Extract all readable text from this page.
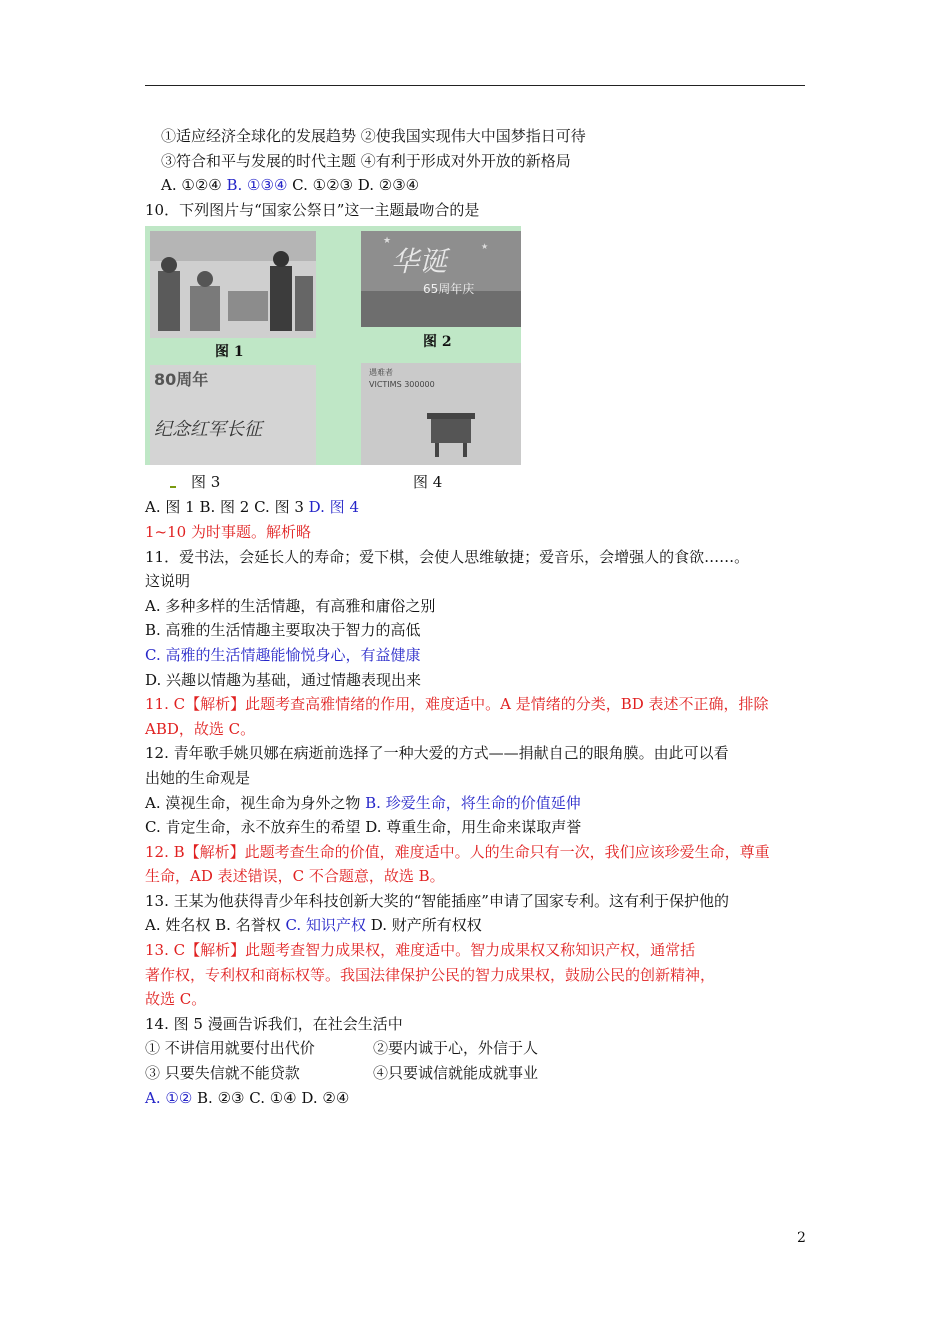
①适应经济全球化的发展趋势 ②使我国实现伟大中国梦指日可待
③符合和平与发展的时代主题 ④有利于形成对外开放的新格局
A. ①②④ B. ①③④ C. ①②③ D. ②③④
10．下列图片与“国家公祭日”这一主题最吻合的是
图 1
华诞
65周年庆
★
★
图 2
80周年
纪念红军长征
遇难者
VICTIMS 300000
图 3	图 4
A. 图 1 B. 图 2 C. 图 3 D. 图 4
1~10 为时事题。解析略
11．爱书法，会延长人的寿命；爱下棋，会使人思维敏捷；爱音乐，会增强人的食欲……。
这说明
A. 多种多样的生活情趣，有高雅和庸俗之别
B. 高雅的生活情趣主要取决于智力的高低
C. 高雅的生活情趣能愉悦身心，有益健康
D. 兴趣以情趣为基础，通过情趣表现出来
11. C【解析】此题考查高雅情绪的作用，难度适中。A 是情绪的分类，BD 表述不正确，排除
ABD，故选 C。
12. 青年歌手姚贝娜在病逝前选择了一种大爱的方式——捐献自己的眼角膜。由此可以看
出她的生命观是
A. 漠视生命，视生命为身外之物 B. 珍爱生命，将生命的价值延伸
C. 肯定生命，永不放弃生的希望 D. 尊重生命，用生命来谋取声誉
12. B【解析】此题考查生命的价值，难度适中。人的生命只有一次，我们应该珍爱生命，尊重
生命，AD 表述错误，C 不合题意，故选 B。
13. 王某为他获得青少年科技创新大奖的“智能插座”申请了国家专利。这有利于保护他的
A. 姓名权 B. 名誉权 C. 知识产权 D. 财产所有权权
13. C【解析】此题考查智力成果权，难度适中。智力成果权又称知识产权，通常括
著作权，专利权和商标权等。我国法律保护公民的智力成果权，鼓励公民的创新精神，
故选 C。
14. 图 5 漫画告诉我们，在社会生活中
① 不讲信用就要付出代价	②要内诚于心，外信于人
③ 只要失信就不能贷款	④只要诚信就能成就事业
A. ①② B. ②③ C. ①④ D. ②④
2
